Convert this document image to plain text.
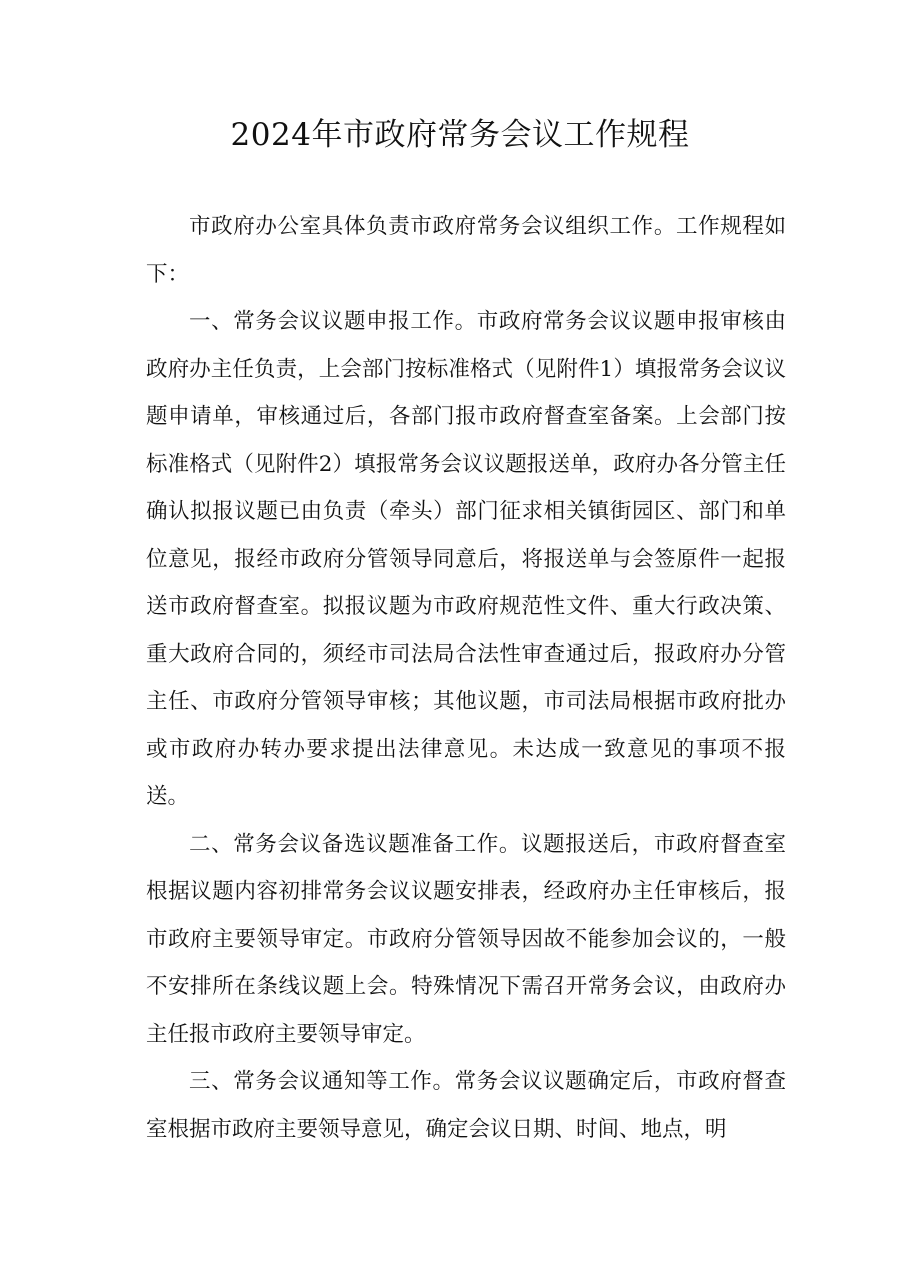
2024年市政府常务会议工作规程

市政府办公室具体负责市政府常务会议组织工作。工作规程如下：

一、常务会议议题申报工作。市政府常务会议议题申报审核由政府办主任负责，上会部门按标准格式（见附件1）填报常务会议议题申请单，审核通过后，各部门报市政府督查室备案。上会部门按标准格式（见附件2）填报常务会议议题报送单，政府办各分管主任确认拟报议题已由负责（牵头）部门征求相关镇街园区、部门和单位意见，报经市政府分管领导同意后，将报送单与会签原件一起报送市政府督查室。拟报议题为市政府规范性文件、重大行政决策、重大政府合同的，须经市司法局合法性审查通过后，报政府办分管主任、市政府分管领导审核；其他议题，市司法局根据市政府批办或市政府办转办要求提出法律意见。未达成一致意见的事项不报送。

二、常务会议备选议题准备工作。议题报送后，市政府督查室根据议题内容初排常务会议议题安排表，经政府办主任审核后，报市政府主要领导审定。市政府分管领导因故不能参加会议的，一般不安排所在条线议题上会。特殊情况下需召开常务会议，由政府办主任报市政府主要领导审定。

三、常务会议通知等工作。常务会议议题确定后，市政府督查室根据市政府主要领导意见，确定会议日期、时间、地点，明
